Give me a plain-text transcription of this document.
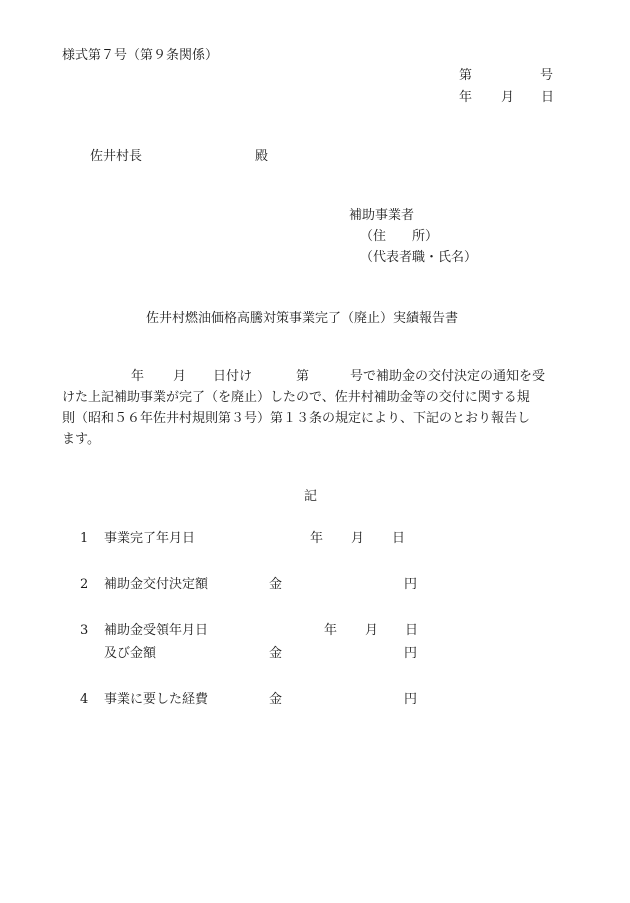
様式第７号（第９条関係）
第	号
年 月 日
佐井村長	殿
補助事業者
（住　　所）
（代表者職・氏名）
佐井村燃油価格高騰対策事業完了（廃止）実績報告書
年 月 日付け	第	号で補助金の交付決定の通知を受
けた上記補助事業が完了（を廃止）したので、佐井村補助金等の交付に関する規
則（昭和５６年佐井村規則第３号）第１３条の規定により、下記のとおり報告し
ます。
記
1 事業完了年月日	年 月 日
2 補助金交付決定額	金	円
3 補助金受領年月日	年 月 日
及び金額	金	円
4 事業に要した経費	金	円
